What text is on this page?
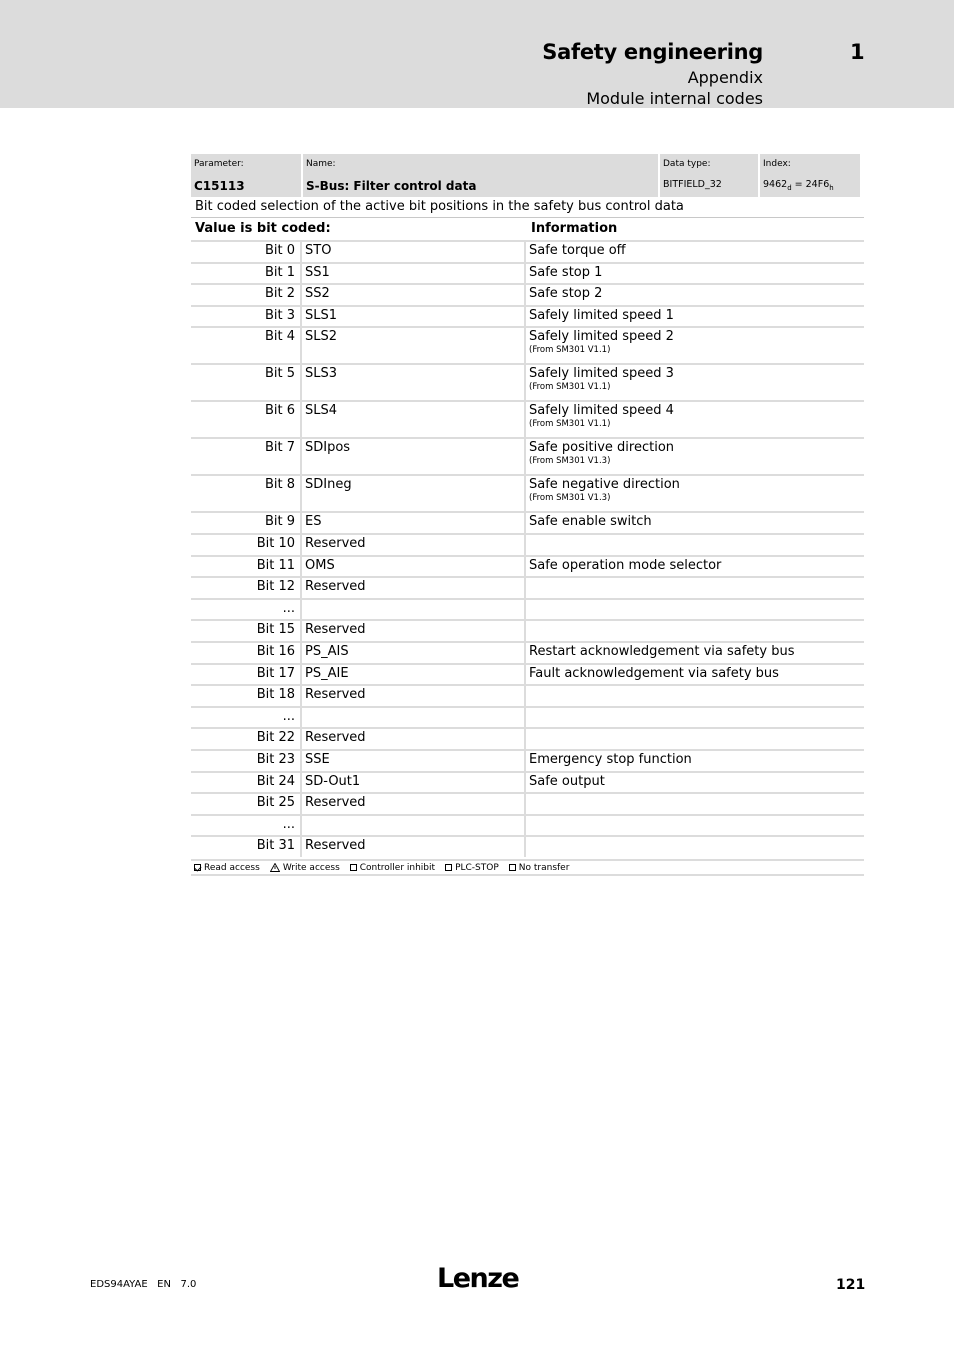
Safety engineering	1
Appendix
Module internal codes
Parameter:
C15113
Name:
S-Bus: Filter control data
Data type:
BITFIELD_32
Index:
$9462_d = 24F6_h$
Bit coded selection of the active bit positions in the safety bus control data
Value is bit coded:	Information
Bit 0 STO	Safe torque off
Bit 1 SS1	Safe stop 1
Bit 2 SS2	Safe stop 2
Bit 3 SLS1	Safely limited speed 1
Bit 4 SLS2	Safely limited speed 2
(From SM301 V1.1)
Bit 5 SLS3	Safely limited speed 3
(From SM301 V1.1)
Bit 6 SLS4	Safely limited speed 4
(From SM301 V1.1)
Bit 7 SDIpos	Safe positive direction
(From SM301 V1.3)
Bit 8 SDIneg	Safe negative direction
(From SM301 V1.3)
Bit 9 ES	Safe enable switch
Bit 10 Reserved
Bit 11 OMS	Safe operation mode selector
Bit 12 Reserved
...
Bit 15 Reserved
Bit 16 PS_AIS	Restart acknowledgement via safety bus
Bit 17 PS_AIE	Fault acknowledgement via safety bus
Bit 18 Reserved
...
Bit 22 Reserved
Bit 23 SSE	Emergency stop function
Bit 24 SD-Out1	Safe output
Bit 25 Reserved
...
Bit 31 Reserved
Read access	Write access Controller inhibit PLC-STOP No transfer
EDS94AYAE   EN   7.0	Lenze	121
